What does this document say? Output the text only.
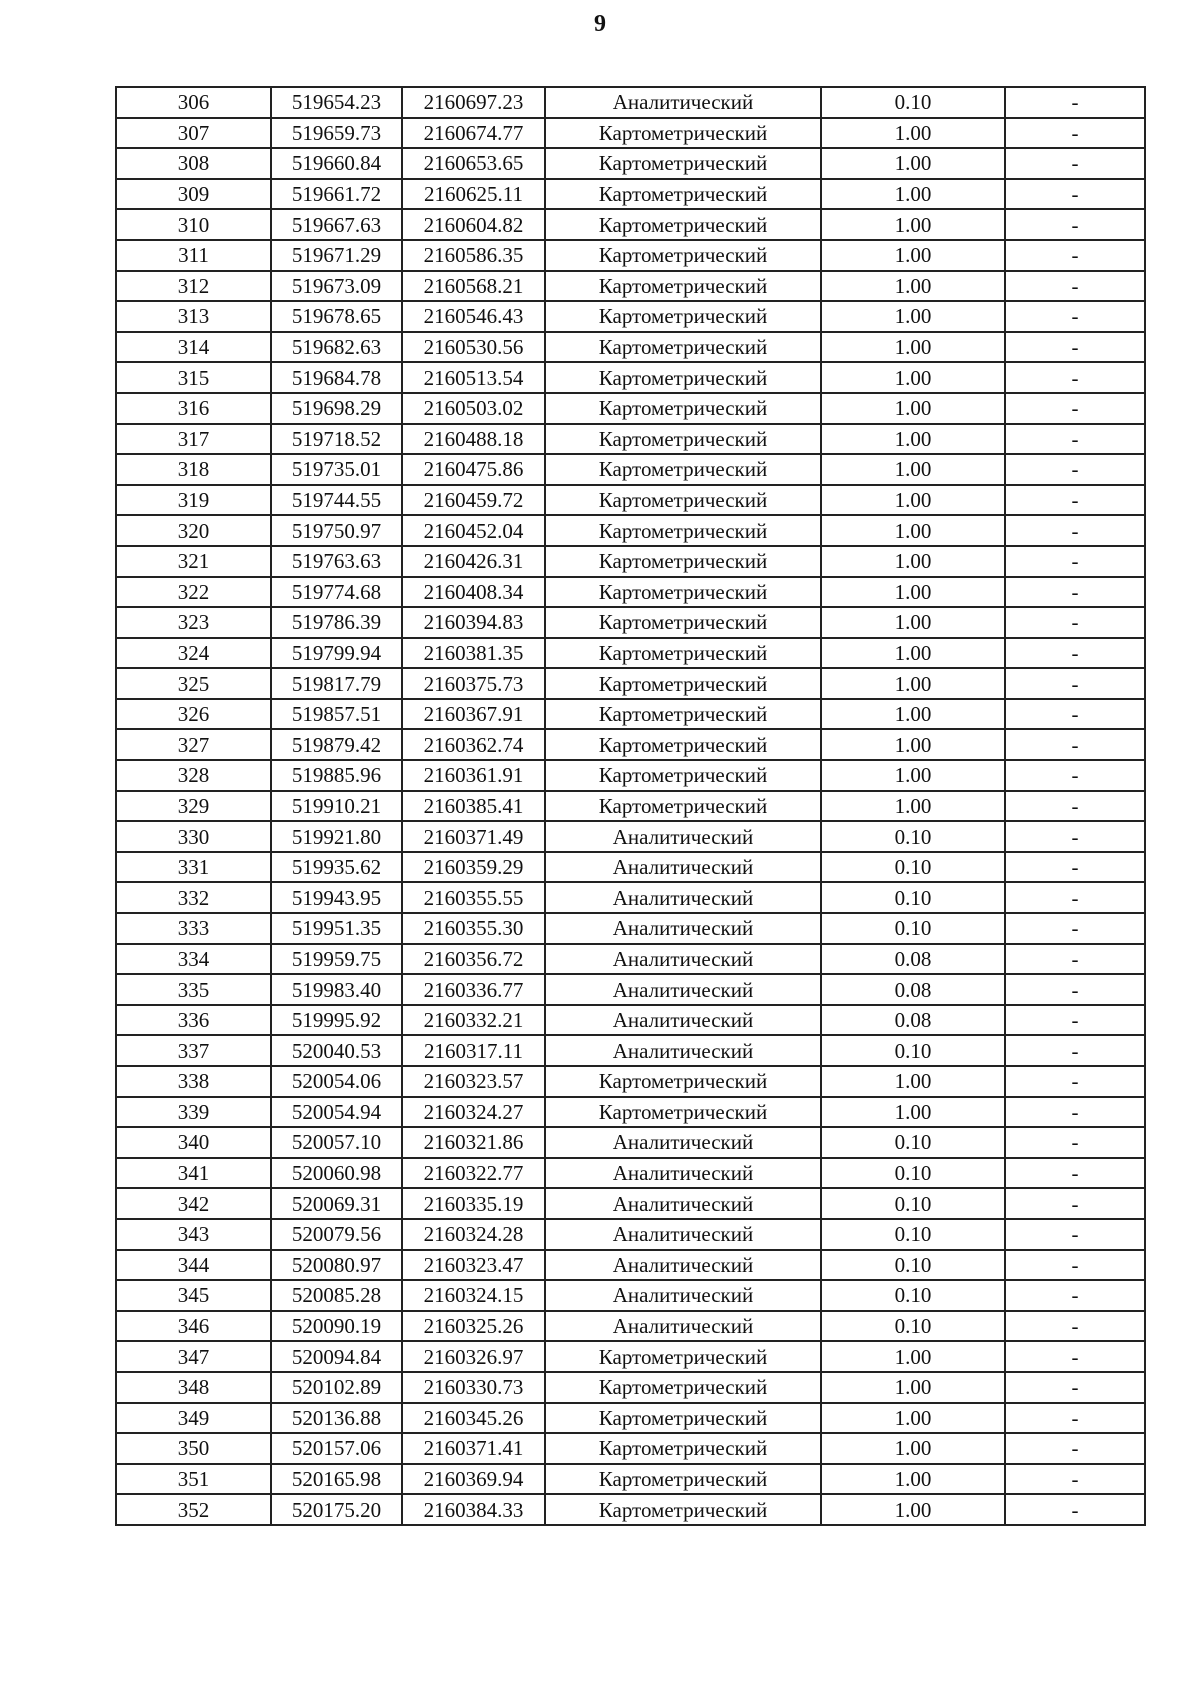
9
306	519654.23	2160697.23	Аналитический	0.10	-
307	519659.73	2160674.77	Картометрический	1.00	-
308	519660.84	2160653.65	Картометрический	1.00	-
309	519661.72	2160625.11	Картометрический	1.00	-
310	519667.63	2160604.82	Картометрический	1.00	-
311	519671.29	2160586.35	Картометрический	1.00	-
312	519673.09	2160568.21	Картометрический	1.00	-
313	519678.65	2160546.43	Картометрический	1.00	-
314	519682.63	2160530.56	Картометрический	1.00	-
315	519684.78	2160513.54	Картометрический	1.00	-
316	519698.29	2160503.02	Картометрический	1.00	-
317	519718.52	2160488.18	Картометрический	1.00	-
318	519735.01	2160475.86	Картометрический	1.00	-
319	519744.55	2160459.72	Картометрический	1.00	-
320	519750.97	2160452.04	Картометрический	1.00	-
321	519763.63	2160426.31	Картометрический	1.00	-
322	519774.68	2160408.34	Картометрический	1.00	-
323	519786.39	2160394.83	Картометрический	1.00	-
324	519799.94	2160381.35	Картометрический	1.00	-
325	519817.79	2160375.73	Картометрический	1.00	-
326	519857.51	2160367.91	Картометрический	1.00	-
327	519879.42	2160362.74	Картометрический	1.00	-
328	519885.96	2160361.91	Картометрический	1.00	-
329	519910.21	2160385.41	Картометрический	1.00	-
330	519921.80	2160371.49	Аналитический	0.10	-
331	519935.62	2160359.29	Аналитический	0.10	-
332	519943.95	2160355.55	Аналитический	0.10	-
333	519951.35	2160355.30	Аналитический	0.10	-
334	519959.75	2160356.72	Аналитический	0.08	-
335	519983.40	2160336.77	Аналитический	0.08	-
336	519995.92	2160332.21	Аналитический	0.08	-
337	520040.53	2160317.11	Аналитический	0.10	-
338	520054.06	2160323.57	Картометрический	1.00	-
339	520054.94	2160324.27	Картометрический	1.00	-
340	520057.10	2160321.86	Аналитический	0.10	-
341	520060.98	2160322.77	Аналитический	0.10	-
342	520069.31	2160335.19	Аналитический	0.10	-
343	520079.56	2160324.28	Аналитический	0.10	-
344	520080.97	2160323.47	Аналитический	0.10	-
345	520085.28	2160324.15	Аналитический	0.10	-
346	520090.19	2160325.26	Аналитический	0.10	-
347	520094.84	2160326.97	Картометрический	1.00	-
348	520102.89	2160330.73	Картометрический	1.00	-
349	520136.88	2160345.26	Картометрический	1.00	-
350	520157.06	2160371.41	Картометрический	1.00	-
351	520165.98	2160369.94	Картометрический	1.00	-
352	520175.20	2160384.33	Картометрический	1.00	-
